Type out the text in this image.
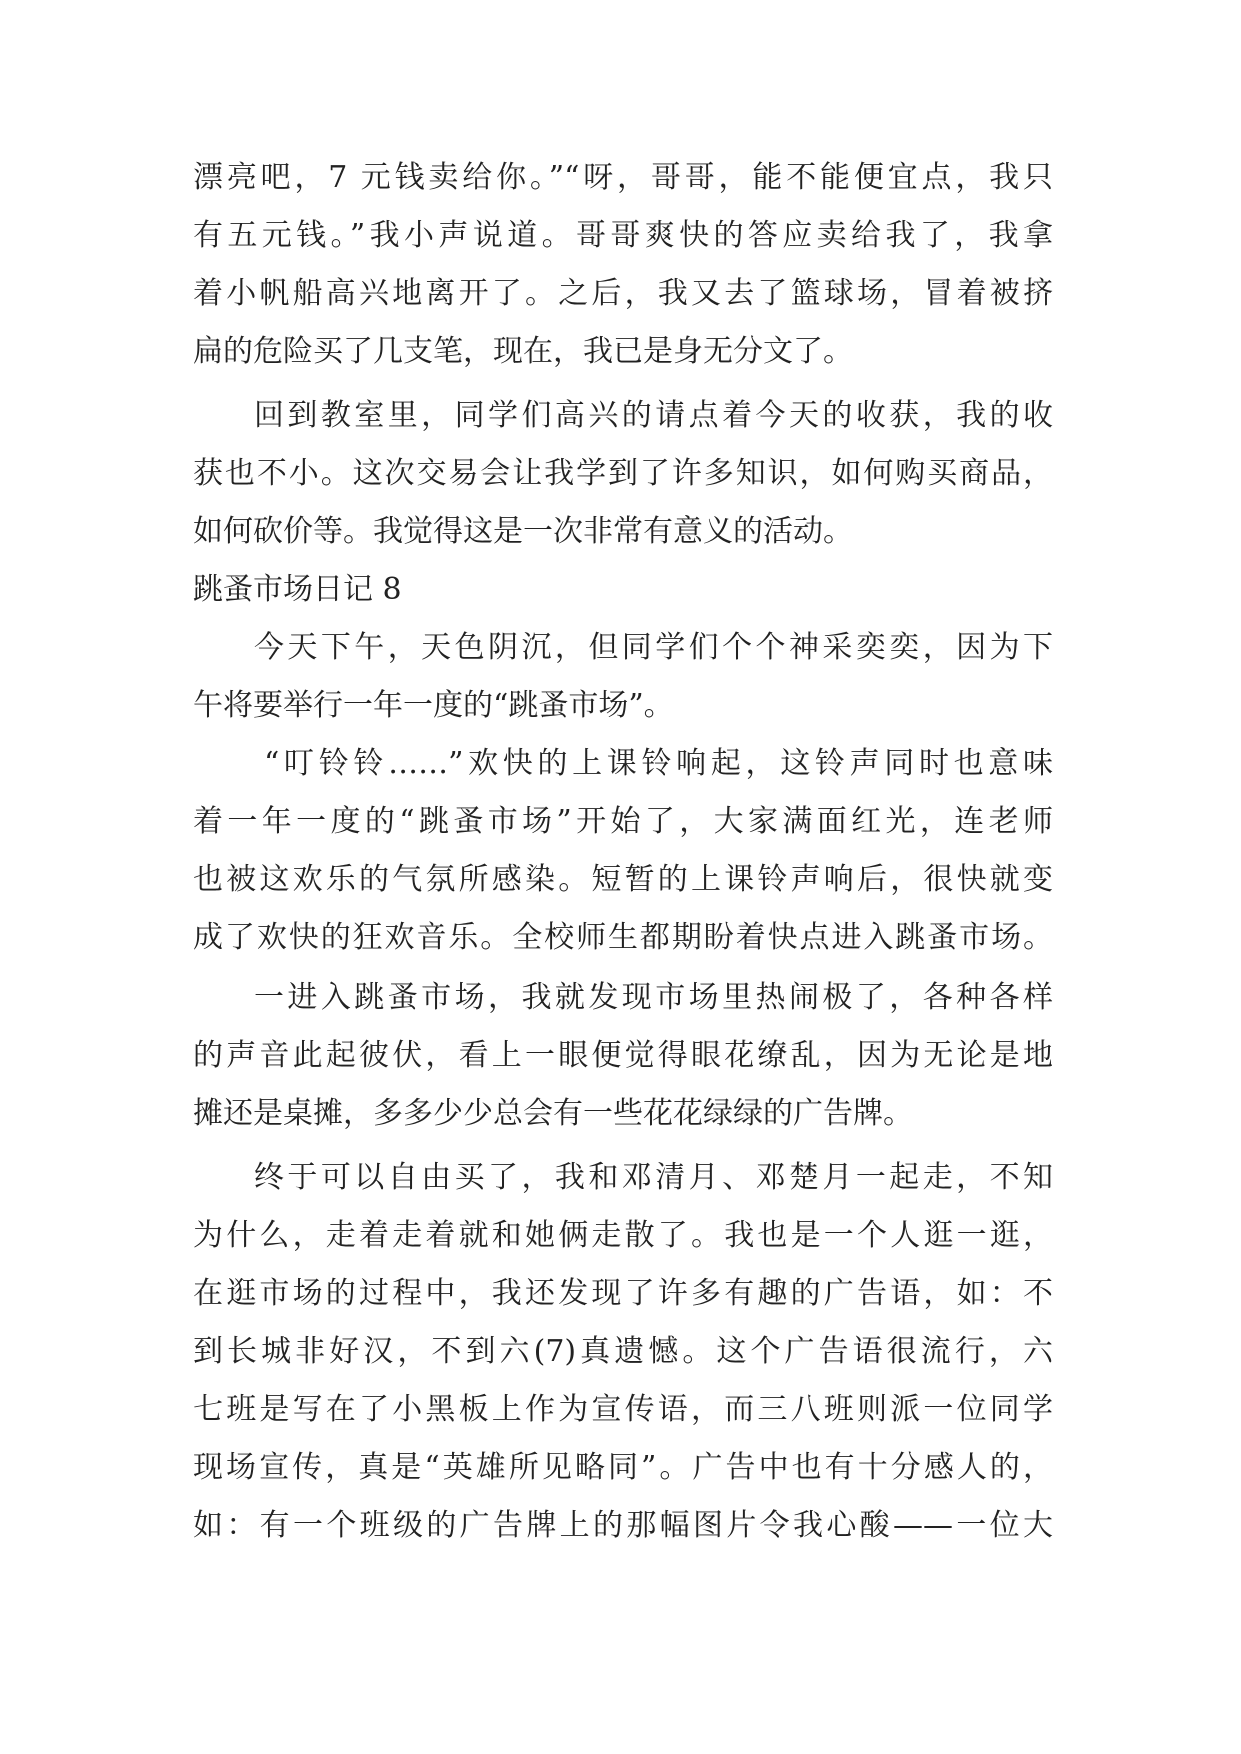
漂亮吧，7 元钱卖给你。”“呀，哥哥，能不能便宜点，我只

有五元钱。”我小声说道。哥哥爽快的答应卖给我了，我拿

着小帆船高兴地离开了。之后，我又去了篮球场，冒着被挤

扁的危险买了几支笔，现在，我已是身无分文了。

回到教室里，同学们高兴的请点着今天的收获，我的收

获也不小。这次交易会让我学到了许多知识，如何购买商品，

如何砍价等。我觉得这是一次非常有意义的活动。

跳蚤市场日记 8

今天下午，天色阴沉，但同学们个个神采奕奕，因为下

午将要举行一年一度的“跳蚤市场”。

“叮铃铃……”欢快的上课铃响起，这铃声同时也意味

着一年一度的“跳蚤市场”开始了，大家满面红光，连老师

也被这欢乐的气氛所感染。短暂的上课铃声响后，很快就变

成了欢快的狂欢音乐。全校师生都期盼着快点进入跳蚤市场。

一进入跳蚤市场，我就发现市场里热闹极了，各种各样

的声音此起彼伏，看上一眼便觉得眼花缭乱，因为无论是地

摊还是桌摊，多多少少总会有一些花花绿绿的广告牌。

终于可以自由买了，我和邓清月、邓楚月一起走，不知

为什么，走着走着就和她俩走散了。我也是一个人逛一逛，

在逛市场的过程中，我还发现了许多有趣的广告语，如：不

到长城非好汉，不到六(7)真遗憾。这个广告语很流行，六

七班是写在了小黑板上作为宣传语，而三八班则派一位同学

现场宣传，真是“英雄所见略同”。广告中也有十分感人的，

如：有一个班级的广告牌上的那幅图片令我心酸——一位大
